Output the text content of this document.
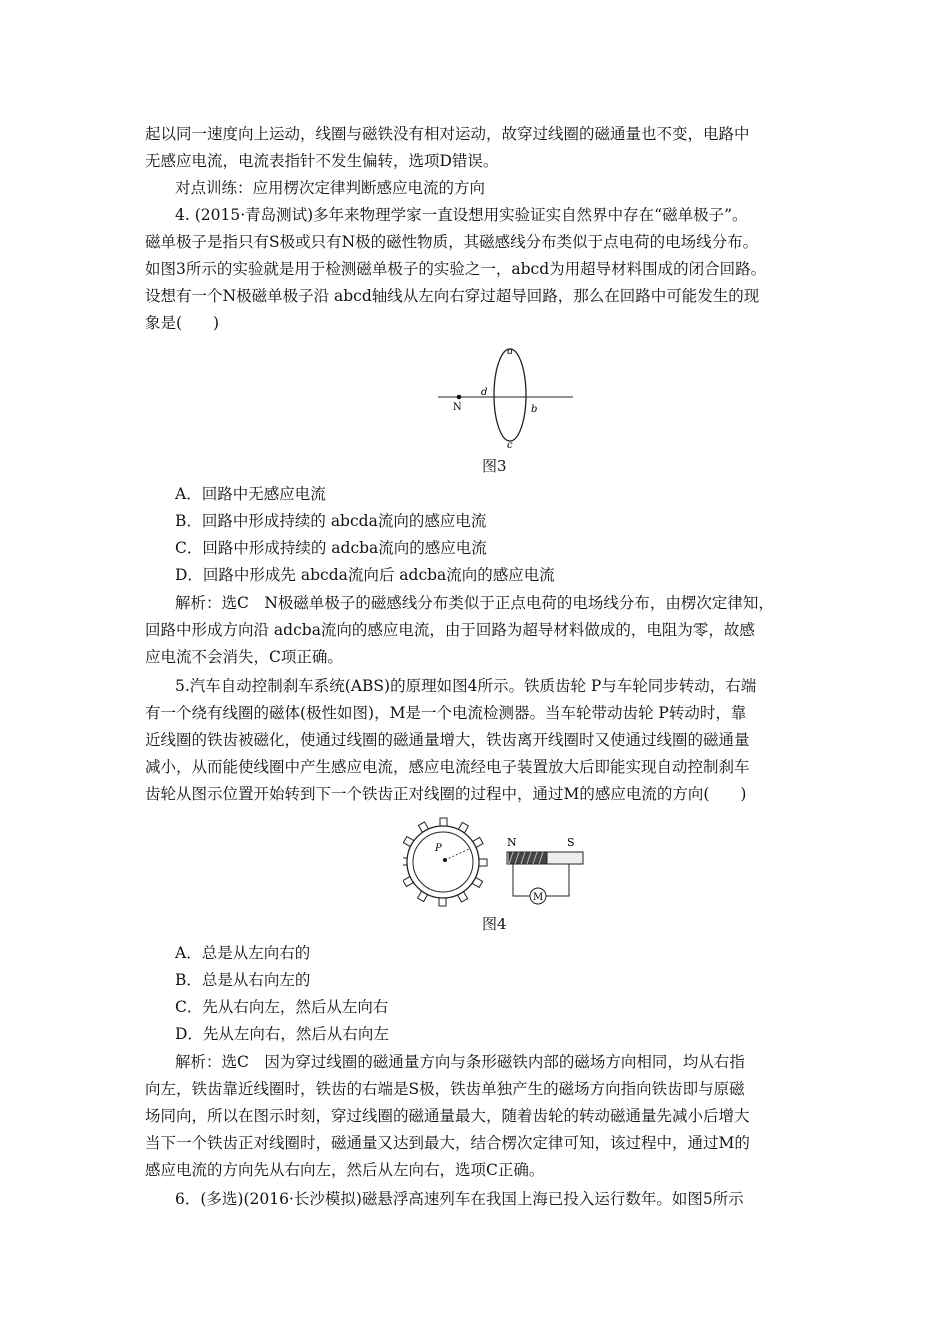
起以同一速度向上运动，线圈与磁铁没有相对运动，故穿过线圈的磁通量也不变，电路中
无感应电流，电流表指针不发生偏转，选项D错误。
对点训练：应用楞次定律判断感应电流的方向
4. (2015·青岛测试)多年来物理学家一直设想用实验证实自然界中存在“磁单极子”。
磁单极子是指只有S极或只有N极的磁性物质，其磁感线分布类似于点电荷的电场线分布。
如图3所示的实验就是用于检测磁单极子的实验之一，abcd为用超导材料围成的闭合回路。
设想有一个N极磁单极子沿 abcd轴线从左向右穿过超导回路，那么在回路中可能发生的现
象是(　　)
a
b
c
d
N
图3
A．回路中无感应电流
B．回路中形成持续的 abcda流向的感应电流
C．回路中形成持续的 adcba流向的感应电流
D．回路中形成先 abcda流向后 adcba流向的感应电流
解析：选C　N极磁单极子的磁感线分布类似于正点电荷的电场线分布，由楞次定律知，
回路中形成方向沿 adcba流向的感应电流，由于回路为超导材料做成的，电阻为零，故感
应电流不会消失，C项正确。
5.汽车自动控制刹车系统(ABS)的原理如图4所示。铁质齿轮 P与车轮同步转动，右端
有一个绕有线圈的磁体(极性如图)，M是一个电流检测器。当车轮带动齿轮 P转动时，靠
近线圈的铁齿被磁化，使通过线圈的磁通量增大，铁齿离开线圈时又使通过线圈的磁通量
减小，从而能使线圈中产生感应电流，感应电流经电子装置放大后即能实现自动控制刹车
齿轮从图示位置开始转到下一个铁齿正对线圈的过程中，通过M的感应电流的方向(　　)
P	N	S
M
图4
A．总是从左向右的
B．总是从右向左的
C．先从右向左，然后从左向右
D．先从左向右，然后从右向左
解析：选C　因为穿过线圈的磁通量方向与条形磁铁内部的磁场方向相同，均从右指
向左，铁齿靠近线圈时，铁齿的右端是S极，铁齿单独产生的磁场方向指向铁齿即与原磁
场同向，所以在图示时刻，穿过线圈的磁通量最大，随着齿轮的转动磁通量先减小后增大
当下一个铁齿正对线圈时，磁通量又达到最大，结合楞次定律可知，该过程中，通过M的
感应电流的方向先从右向左，然后从左向右，选项C正确。
6．(多选)(2016·长沙模拟)磁悬浮高速列车在我国上海已投入运行数年。如图5所示
